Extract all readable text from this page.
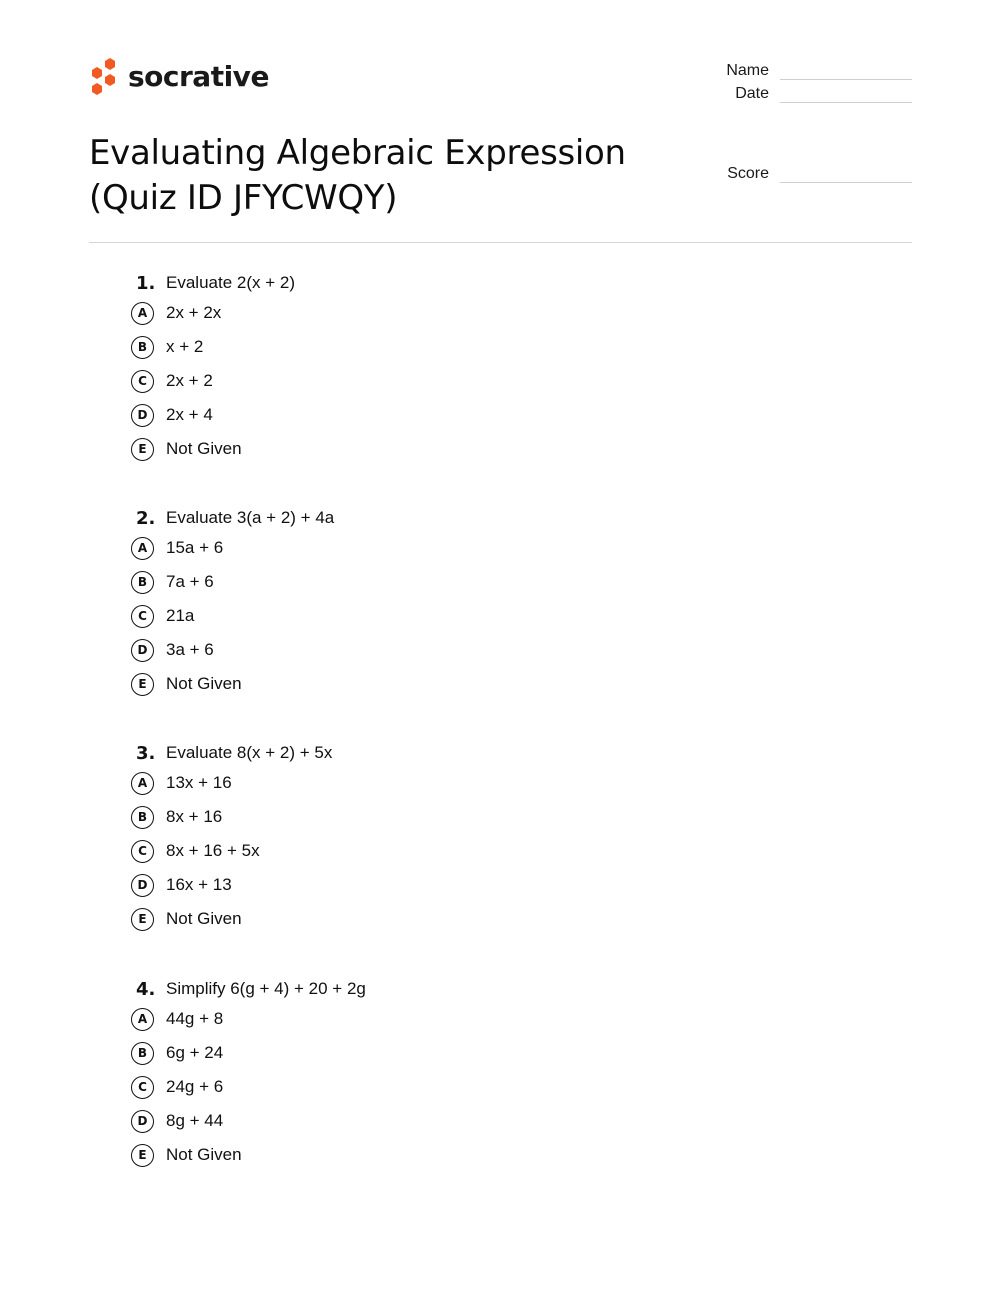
socrative	Name
Date
Score
Evaluating Algebraic Expression
(Quiz ID JFYCWQY)
1. Evaluate 2(x + 2)
A	2x + 2x
B	x + 2
C	2x + 2
D	2x + 4
E	Not Given
2. Evaluate 3(a + 2) + 4a
A	15a + 6
B	7a + 6
C	21a
D	3a + 6
E	Not Given
3. Evaluate 8(x + 2) + 5x
A	13x + 16
B	8x + 16
C	8x + 16 + 5x
D	16x + 13
E	Not Given
4. Simplify 6(g + 4) + 20 + 2g
A	44g + 8
B	6g + 24
C	24g + 6
D	8g + 44
E	Not Given
